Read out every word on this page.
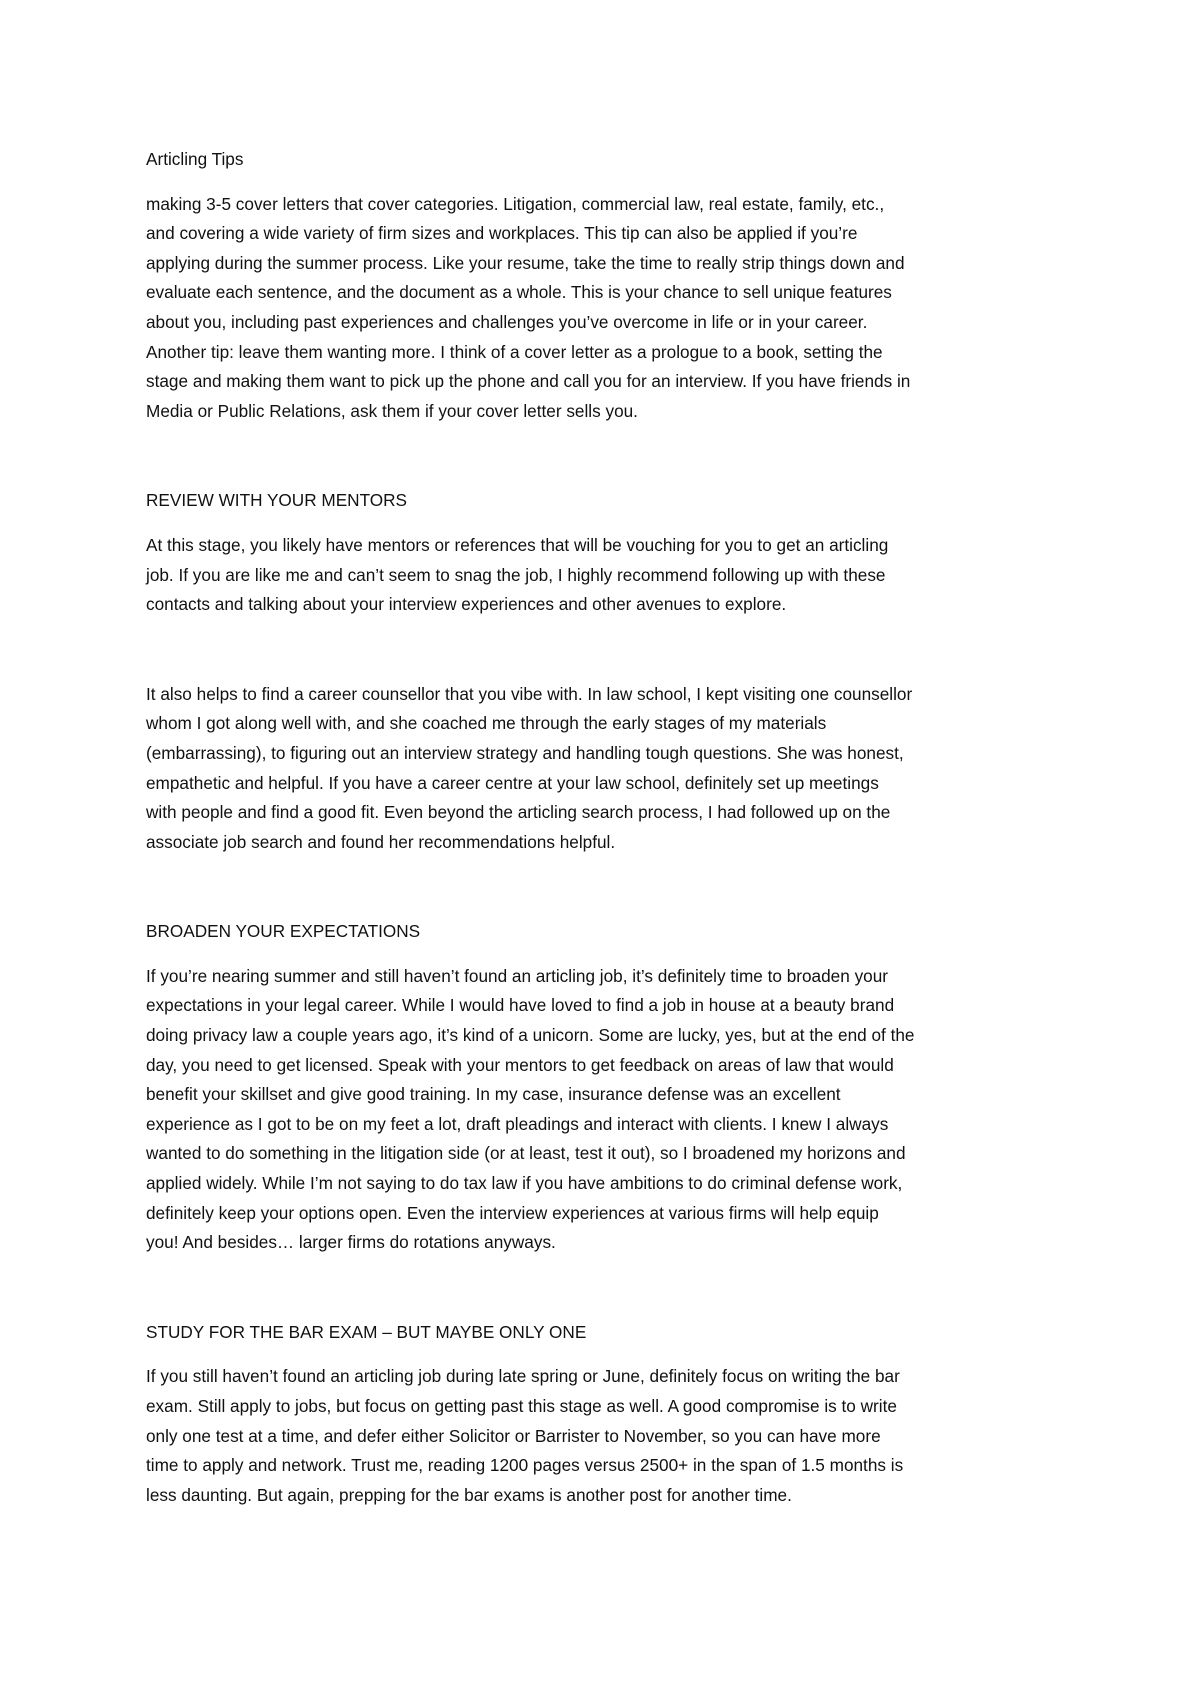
Articling Tips

making 3-5 cover letters that cover categories. Litigation, commercial law, real estate, family, etc.,
and covering a wide variety of firm sizes and workplaces. This tip can also be applied if you’re
applying during the summer process. Like your resume, take the time to really strip things down and
evaluate each sentence, and the document as a whole. This is your chance to sell unique features
about you, including past experiences and challenges you’ve overcome in life or in your career.
Another tip: leave them wanting more. I think of a cover letter as a prologue to a book, setting the
stage and making them want to pick up the phone and call you for an interview. If you have friends in
Media or Public Relations, ask them if your cover letter sells you.

REVIEW WITH YOUR MENTORS

At this stage, you likely have mentors or references that will be vouching for you to get an articling
job. If you are like me and can’t seem to snag the job, I highly recommend following up with these
contacts and talking about your interview experiences and other avenues to explore.

It also helps to find a career counsellor that you vibe with. In law school, I kept visiting one counsellor
whom I got along well with, and she coached me through the early stages of my materials
(embarrassing), to figuring out an interview strategy and handling tough questions. She was honest,
empathetic and helpful. If you have a career centre at your law school, definitely set up meetings
with people and find a good fit. Even beyond the articling search process, I had followed up on the
associate job search and found her recommendations helpful.

BROADEN YOUR EXPECTATIONS

If you’re nearing summer and still haven’t found an articling job, it’s definitely time to broaden your
expectations in your legal career. While I would have loved to find a job in house at a beauty brand
doing privacy law a couple years ago, it’s kind of a unicorn. Some are lucky, yes, but at the end of the
day, you need to get licensed. Speak with your mentors to get feedback on areas of law that would
benefit your skillset and give good training. In my case, insurance defense was an excellent
experience as I got to be on my feet a lot, draft pleadings and interact with clients. I knew I always
wanted to do something in the litigation side (or at least, test it out), so I broadened my horizons and
applied widely. While I’m not saying to do tax law if you have ambitions to do criminal defense work,
definitely keep your options open. Even the interview experiences at various firms will help equip
you! And besides… larger firms do rotations anyways.

STUDY FOR THE BAR EXAM – BUT MAYBE ONLY ONE

If you still haven’t found an articling job during late spring or June, definitely focus on writing the bar
exam. Still apply to jobs, but focus on getting past this stage as well. A good compromise is to write
only one test at a time, and defer either Solicitor or Barrister to November, so you can have more
time to apply and network. Trust me, reading 1200 pages versus 2500+ in the span of 1.5 months is
less daunting. But again, prepping for the bar exams is another post for another time.
